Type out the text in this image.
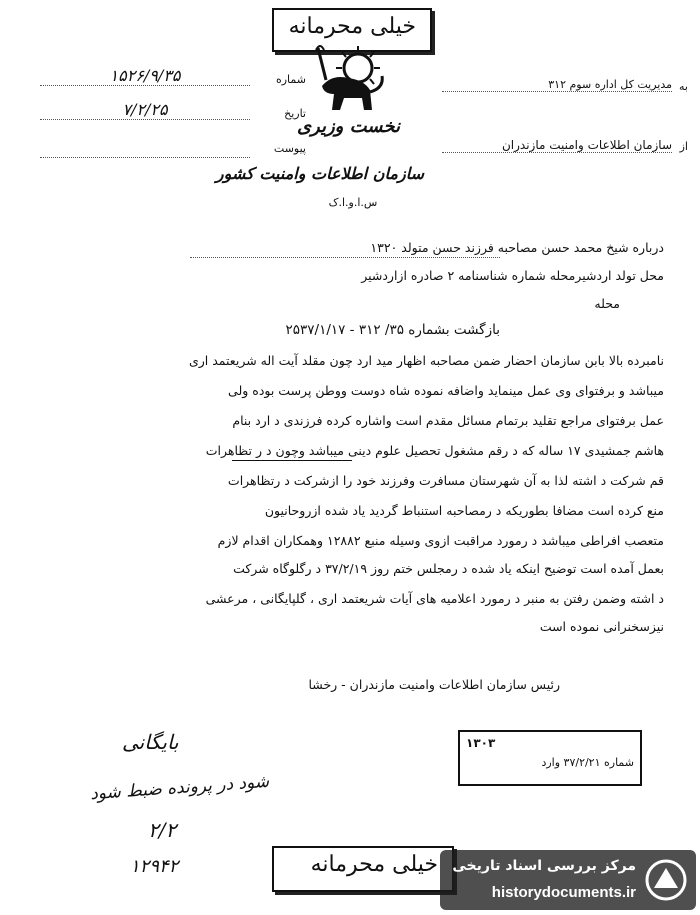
خیلی محرمانه
نخست وزیری
سازمان اطلاعات وامنیت کشور
س.ا.و.ا.ک
شماره
۱۵۲۶/۹/۳۵
تاریخ
۷/۲/۲۵
پیوست
به
مدیریت کل اداره سوم ۳۱۲
از
سازمان اطلاعات وامنیت مازندران
درباره شیخ محمد حسن مصاحبه فرزند حسن متولد ۱۳۲۰
محل تولد اردشیرمحله شماره شناسنامه ۲ صادره ازاردشیر
محله
بازگشت بشماره ۳۵/ ۳۱۲ - ۲۵۳۷/۱/۱۷
نامبرده بالا بابن سازمان احضار ضمن مصاحبه اظهار مید ارد چون مقلد آیت اله شریعتمد اری
میباشد و برفتوای وی عمل مینماید واضافه نموده شاه دوست ووطن پرست بوده ولی
عمل برفتوای مراجع تقلید برتمام مسائل مقدم است واشاره کرده فرزندی د ارد بنام
هاشم جمشیدی ۱۷ ساله که د رقم مشغول تحصیل علوم دینی میباشد وچون د ر تظاهرات
قم شرکت د اشته لذا به آن شهرستان مسافرت وفرزند خود را ازشرکت د رتظاهرات
منع کرده است مضافا بطوریکه د رمصاحبه استنباط گردید یاد شده ازروحانیون
متعصب افراطی میباشد د رمورد مراقبت ازوی وسیله منبع ۱۲۸۸۲ وهمکاران اقدام لازم
بعمل آمده است توضیح اینکه یاد شده د رمجلس ختم روز ۳۷/۲/۱۹ د رگلوگاه شرکت
د اشته وضمن رفتن به منبر د رمورد اعلامیه های آیات شریعتمد اری ، گلپایگانی ، مرعشی
نیزسخنرانی نموده است
رئیس سازمان اطلاعات وامنیت مازندران - رخشا
بایگانی
شود در پرونده ضبط شود
۲/۲
۱۲۹۴۲
۱۳۰۳
شماره ۳۷/۲/۲۱ وارد
خیلی محرمانه	مرکز بررسی اسناد تاریخی
historydocuments.ir
